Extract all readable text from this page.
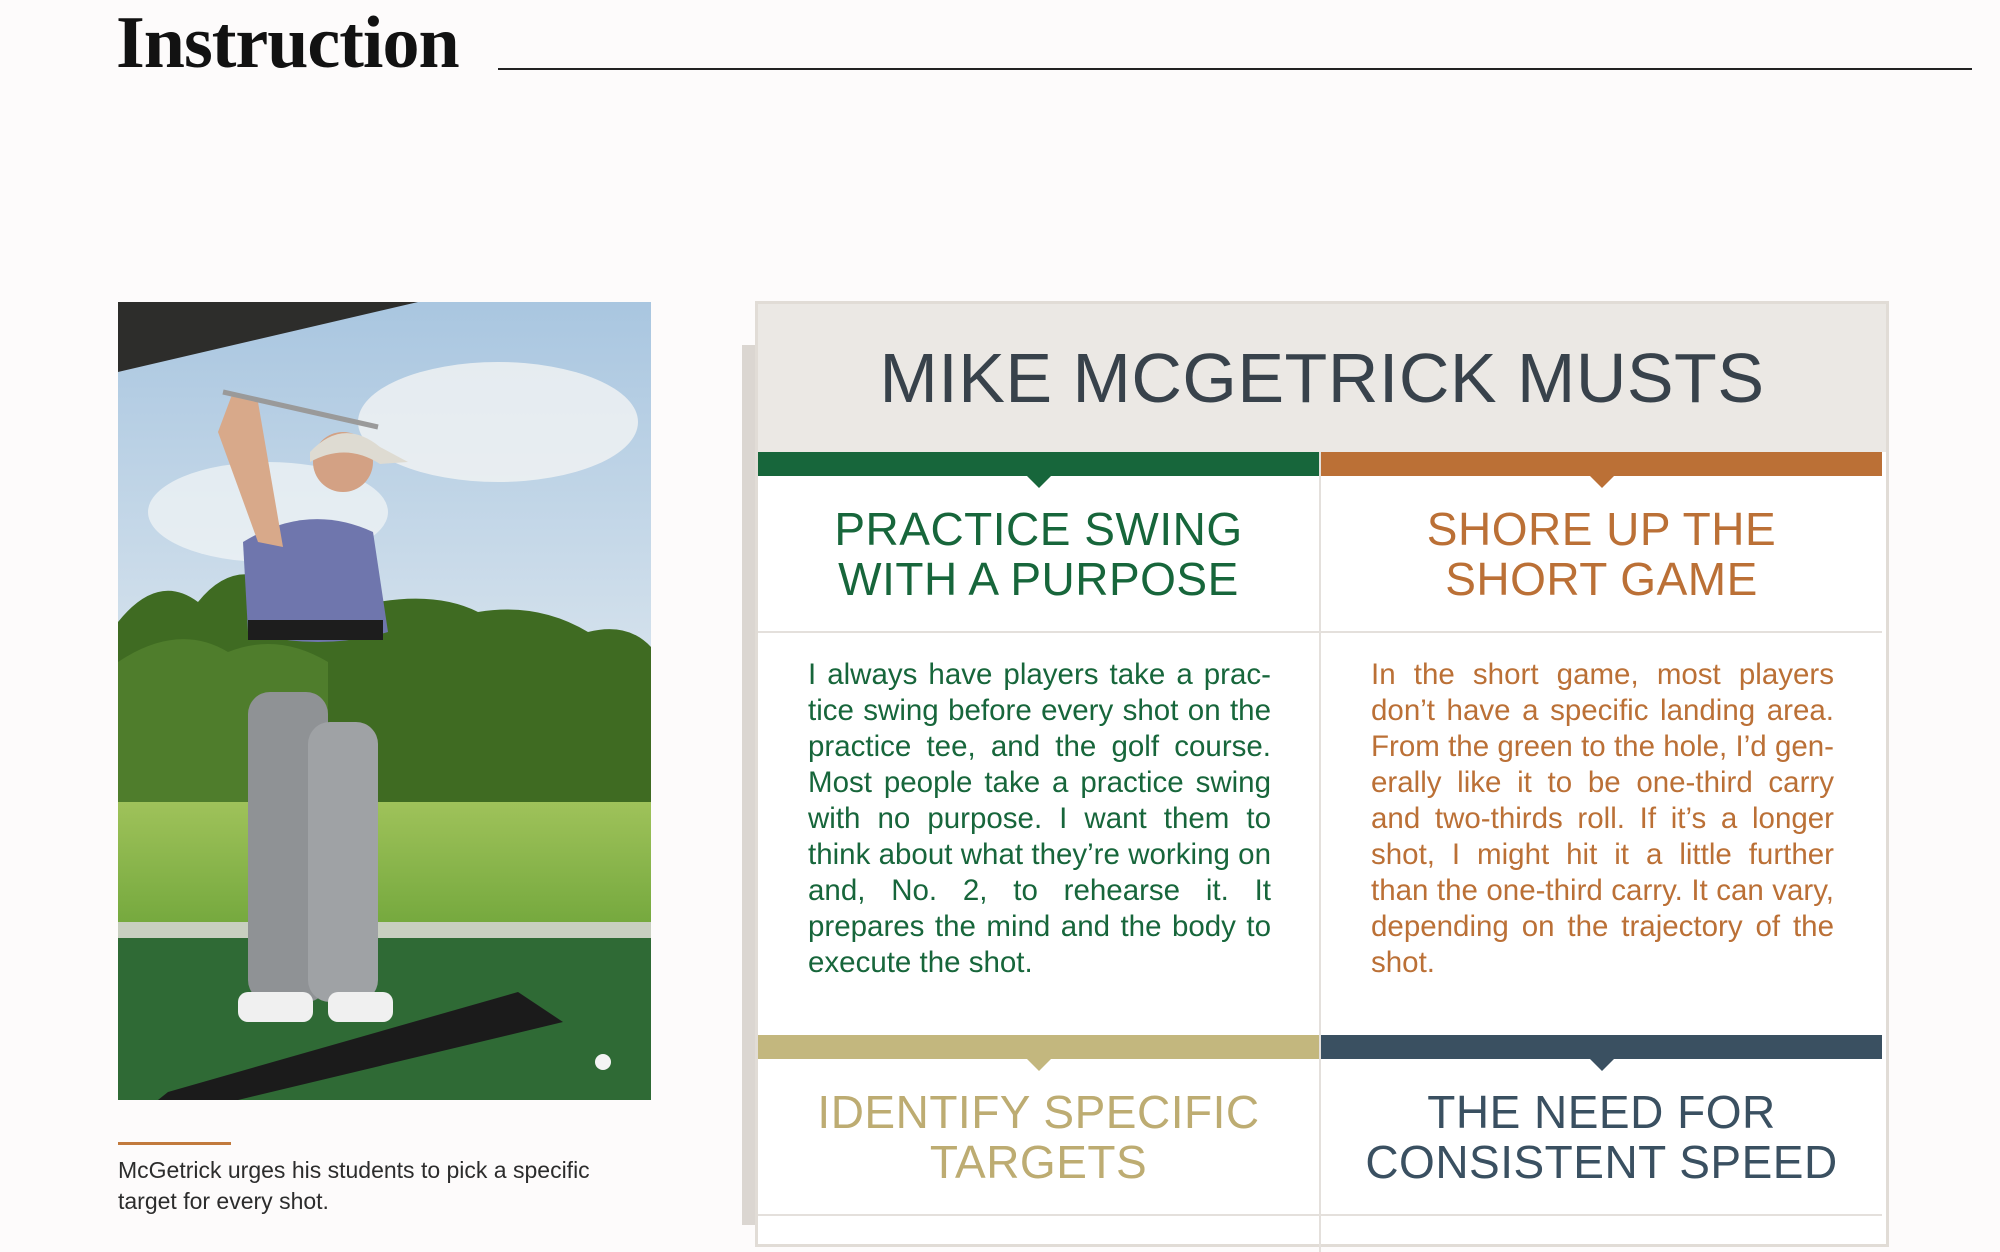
Instruction
McGetrick urges his students to pick a specific target for every shot.
MIKE MCGETRICK MUSTS
PRACTICE SWING
WITH A PURPOSE
I always have players take a prac-tice swing before every shot on the practice tee, and the golf course. Most people take a practice swing with no purpose. I want them to think about what they’re working on and, No. 2, to rehearse it. It prepares the mind and the body to execute the shot.
SHORE UP THE
SHORT GAME
In the short game, most players don’t have a specific landing area. From the green to the hole, I’d gen-erally like it to be one-third carry and two-thirds roll. If it’s a longer shot, I might hit it a little further than the one-third carry. It can vary, depending on the trajectory of the shot.
IDENTIFY SPECIFIC
TARGETS
THE NEED FOR
CONSISTENT SPEED
